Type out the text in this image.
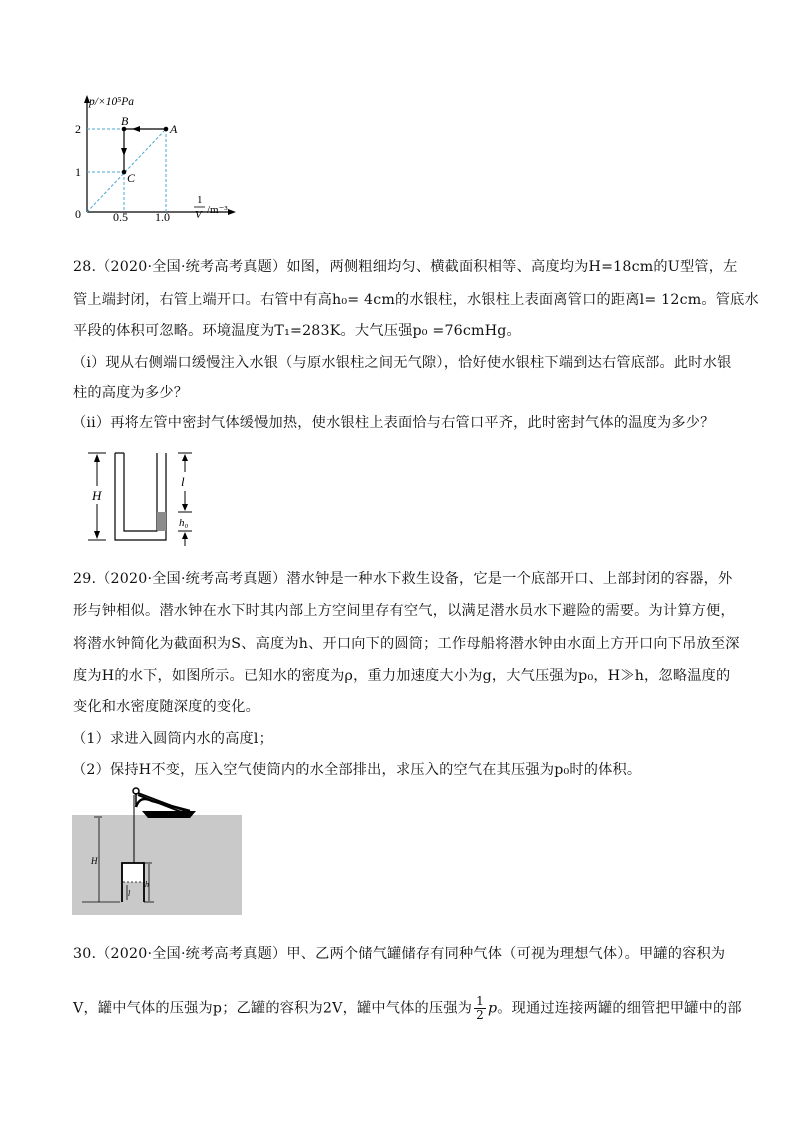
p/×10⁵Pa
B
A
C
2
1
0	0.5 1.0
1
V /m⁻³
28.（2020·全国·统考高考真题）如图，两侧粗细均匀、横截面积相等、高度均为H=18cm的U型管，左
管上端封闭，右管上端开口。右管中有高h₀= 4cm的水银柱，水银柱上表面离管口的距离l= 12cm。管底水
平段的体积可忽略。环境温度为T₁=283K。大气压强p₀ =76cmHg。
（i）现从右侧端口缓慢注入水银（与原水银柱之间无气隙），恰好使水银柱下端到达右管底部。此时水银
柱的高度为多少？
（ii）再将左管中密封气体缓慢加热，使水银柱上表面恰与右管口平齐，此时密封气体的温度为多少？
H
l
h₀
29.（2020·全国·统考高考真题）潜水钟是一种水下救生设备，它是一个底部开口、上部封闭的容器，外
形与钟相似。潜水钟在水下时其内部上方空间里存有空气，以满足潜水员水下避险的需要。为计算方便，
将潜水钟简化为截面积为S、高度为h、开口向下的圆筒；工作母船将潜水钟由水面上方开口向下吊放至深
度为H的水下，如图所示。已知水的密度为ρ，重力加速度大小为g，大气压强为p₀，H≫h，忽略温度的
变化和水密度随深度的变化。
（1）求进入圆筒内水的高度l；
（2）保持H不变，压入空气使筒内的水全部排出，求压入的空气在其压强为p₀时的体积。
H
l
h
30.（2020·全国·统考高考真题）甲、乙两个储气罐储存有同种气体（可视为理想气体）。甲罐的容积为
V，罐中气体的压强为p；乙罐的容积为2V，罐中气体的压强为 $\frac{1}{2}$ p。现通过连接两罐的细管把甲罐中的部
